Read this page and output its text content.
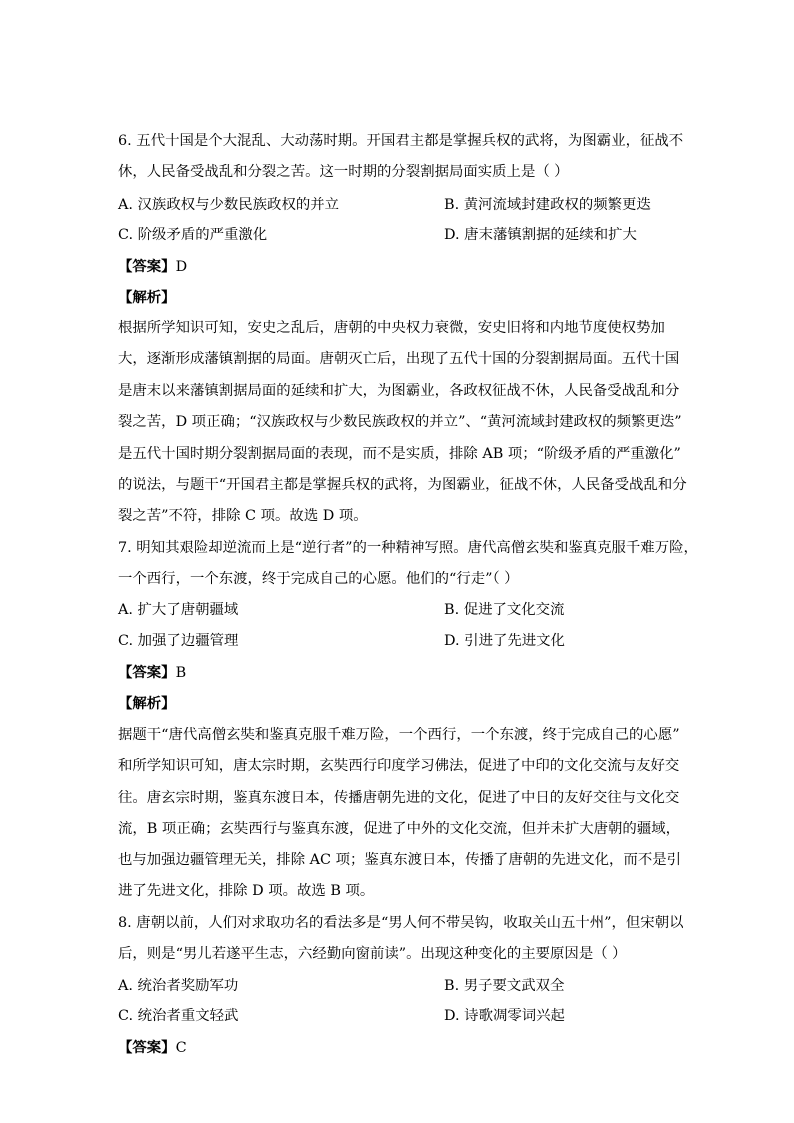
6. 五代十国是个大混乱、大动荡时期。开国君主都是掌握兵权的武将，为图霸业，征战不
休，人民备受战乱和分裂之苦。这一时期的分裂割据局面实质上是（ ）
A. 汉族政权与少数民族政权的并立	B. 黄河流域封建政权的频繁更迭
C. 阶级矛盾的严重激化	D. 唐末藩镇割据的延续和扩大
【答案】D
【解析】
根据所学知识可知，安史之乱后，唐朝的中央权力衰微，安史旧将和内地节度使权势加
大，逐渐形成藩镇割据的局面。唐朝灭亡后，出现了五代十国的分裂割据局面。五代十国
是唐末以来藩镇割据局面的延续和扩大，为图霸业，各政权征战不休，人民备受战乱和分
裂之苦，D 项正确；“汉族政权与少数民族政权的并立”、“黄河流域封建政权的频繁更迭”
是五代十国时期分裂割据局面的表现，而不是实质，排除 AB 项；“阶级矛盾的严重激化”
的说法，与题干“开国君主都是掌握兵权的武将，为图霸业，征战不休，人民备受战乱和分
裂之苦”不符，排除 C 项。故选 D 项。
7. 明知其艰险却逆流而上是“逆行者”的一种精神写照。唐代高僧玄奘和鉴真克服千难万险，
一个西行，一个东渡，终于完成自己的心愿。他们的“行走”（ ）
A. 扩大了唐朝疆域	B. 促进了文化交流
C. 加强了边疆管理	D. 引进了先进文化
【答案】B
【解析】
据题干“唐代高僧玄奘和鉴真克服千难万险，一个西行，一个东渡，终于完成自己的心愿”
和所学知识可知，唐太宗时期，玄奘西行印度学习佛法，促进了中印的文化交流与友好交
往。唐玄宗时期，鉴真东渡日本，传播唐朝先进的文化，促进了中日的友好交往与文化交
流，B 项正确；玄奘西行与鉴真东渡，促进了中外的文化交流，但并未扩大唐朝的疆域，
也与加强边疆管理无关，排除 AC 项；鉴真东渡日本，传播了唐朝的先进文化，而不是引
进了先进文化，排除 D 项。故选 B 项。
8. 唐朝以前，人们对求取功名的看法多是“男人何不带吴钩，收取关山五十州”，但宋朝以
后，则是“男儿若遂平生志，六经勤向窗前读”。出现这种变化的主要原因是（ ）
A. 统治者奖励军功	B. 男子要文武双全
C. 统治者重文轻武	D. 诗歌凋零词兴起
【答案】C
